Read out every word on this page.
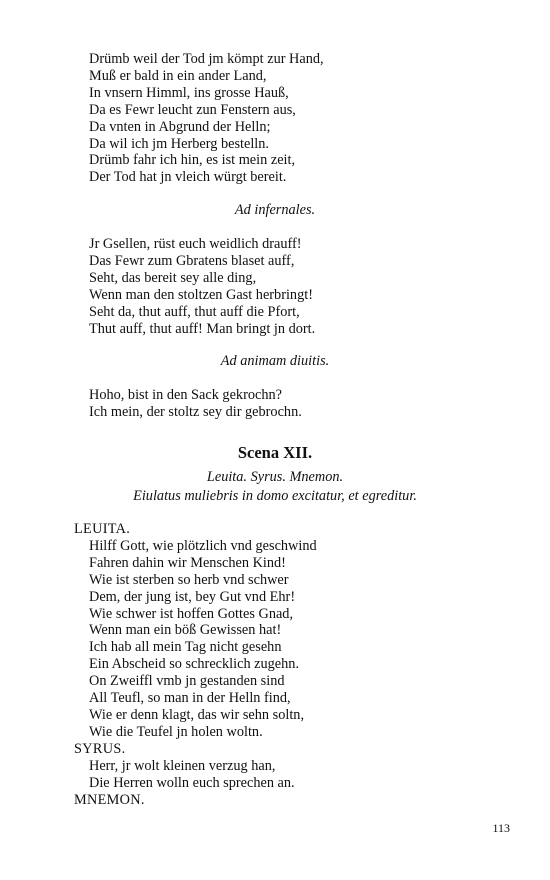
Drümb weil der Tod jm kömpt zur Hand,
Muß er bald in ein ander Land,
In vnsern Himml, ins grosse Hauß,
Da es Fewr leucht zun Fenstern aus,
Da vnten in Abgrund der Helln;
Da wil ich jm Herberg bestelln.
Drümb fahr ich hin, es ist mein zeit,
Der Tod hat jn vleich würgt bereit.
Ad infernales.
Jr Gsellen, rüst euch weidlich drauff!
Das Fewr zum Gbratens blaset auff,
Seht, das bereit sey alle ding,
Wenn man den stoltzen Gast herbringt!
Seht da, thut auff, thut auff die Pfort,
Thut auff, thut auff! Man bringt jn dort.
Ad animam diuitis.
Hoho, bist in den Sack gekrochn?
Ich mein, der stoltz sey dir gebrochn.
Scena XII.
Leuita. Syrus. Mnemon.
Eiulatus muliebris in domo excitatur, et egreditur.
LEUITA.
Hilff Gott, wie plötzlich vnd geschwind
Fahren dahin wir Menschen Kind!
Wie ist sterben so herb vnd schwer
Dem, der jung ist, bey Gut vnd Ehr!
Wie schwer ist hoffen Gottes Gnad,
Wenn man ein böß Gewissen hat!
Ich hab all mein Tag nicht gesehn
Ein Abscheid so schrecklich zugehn.
On Zweiffl vmb jn gestanden sind
All Teufl, so man in der Helln find,
Wie er denn klagt, das wir sehn soltn,
Wie die Teufel jn holen woltn.
SYRUS.
Herr, jr wolt kleinen verzug han,
Die Herren wolln euch sprechen an.
MNEMON.
113
